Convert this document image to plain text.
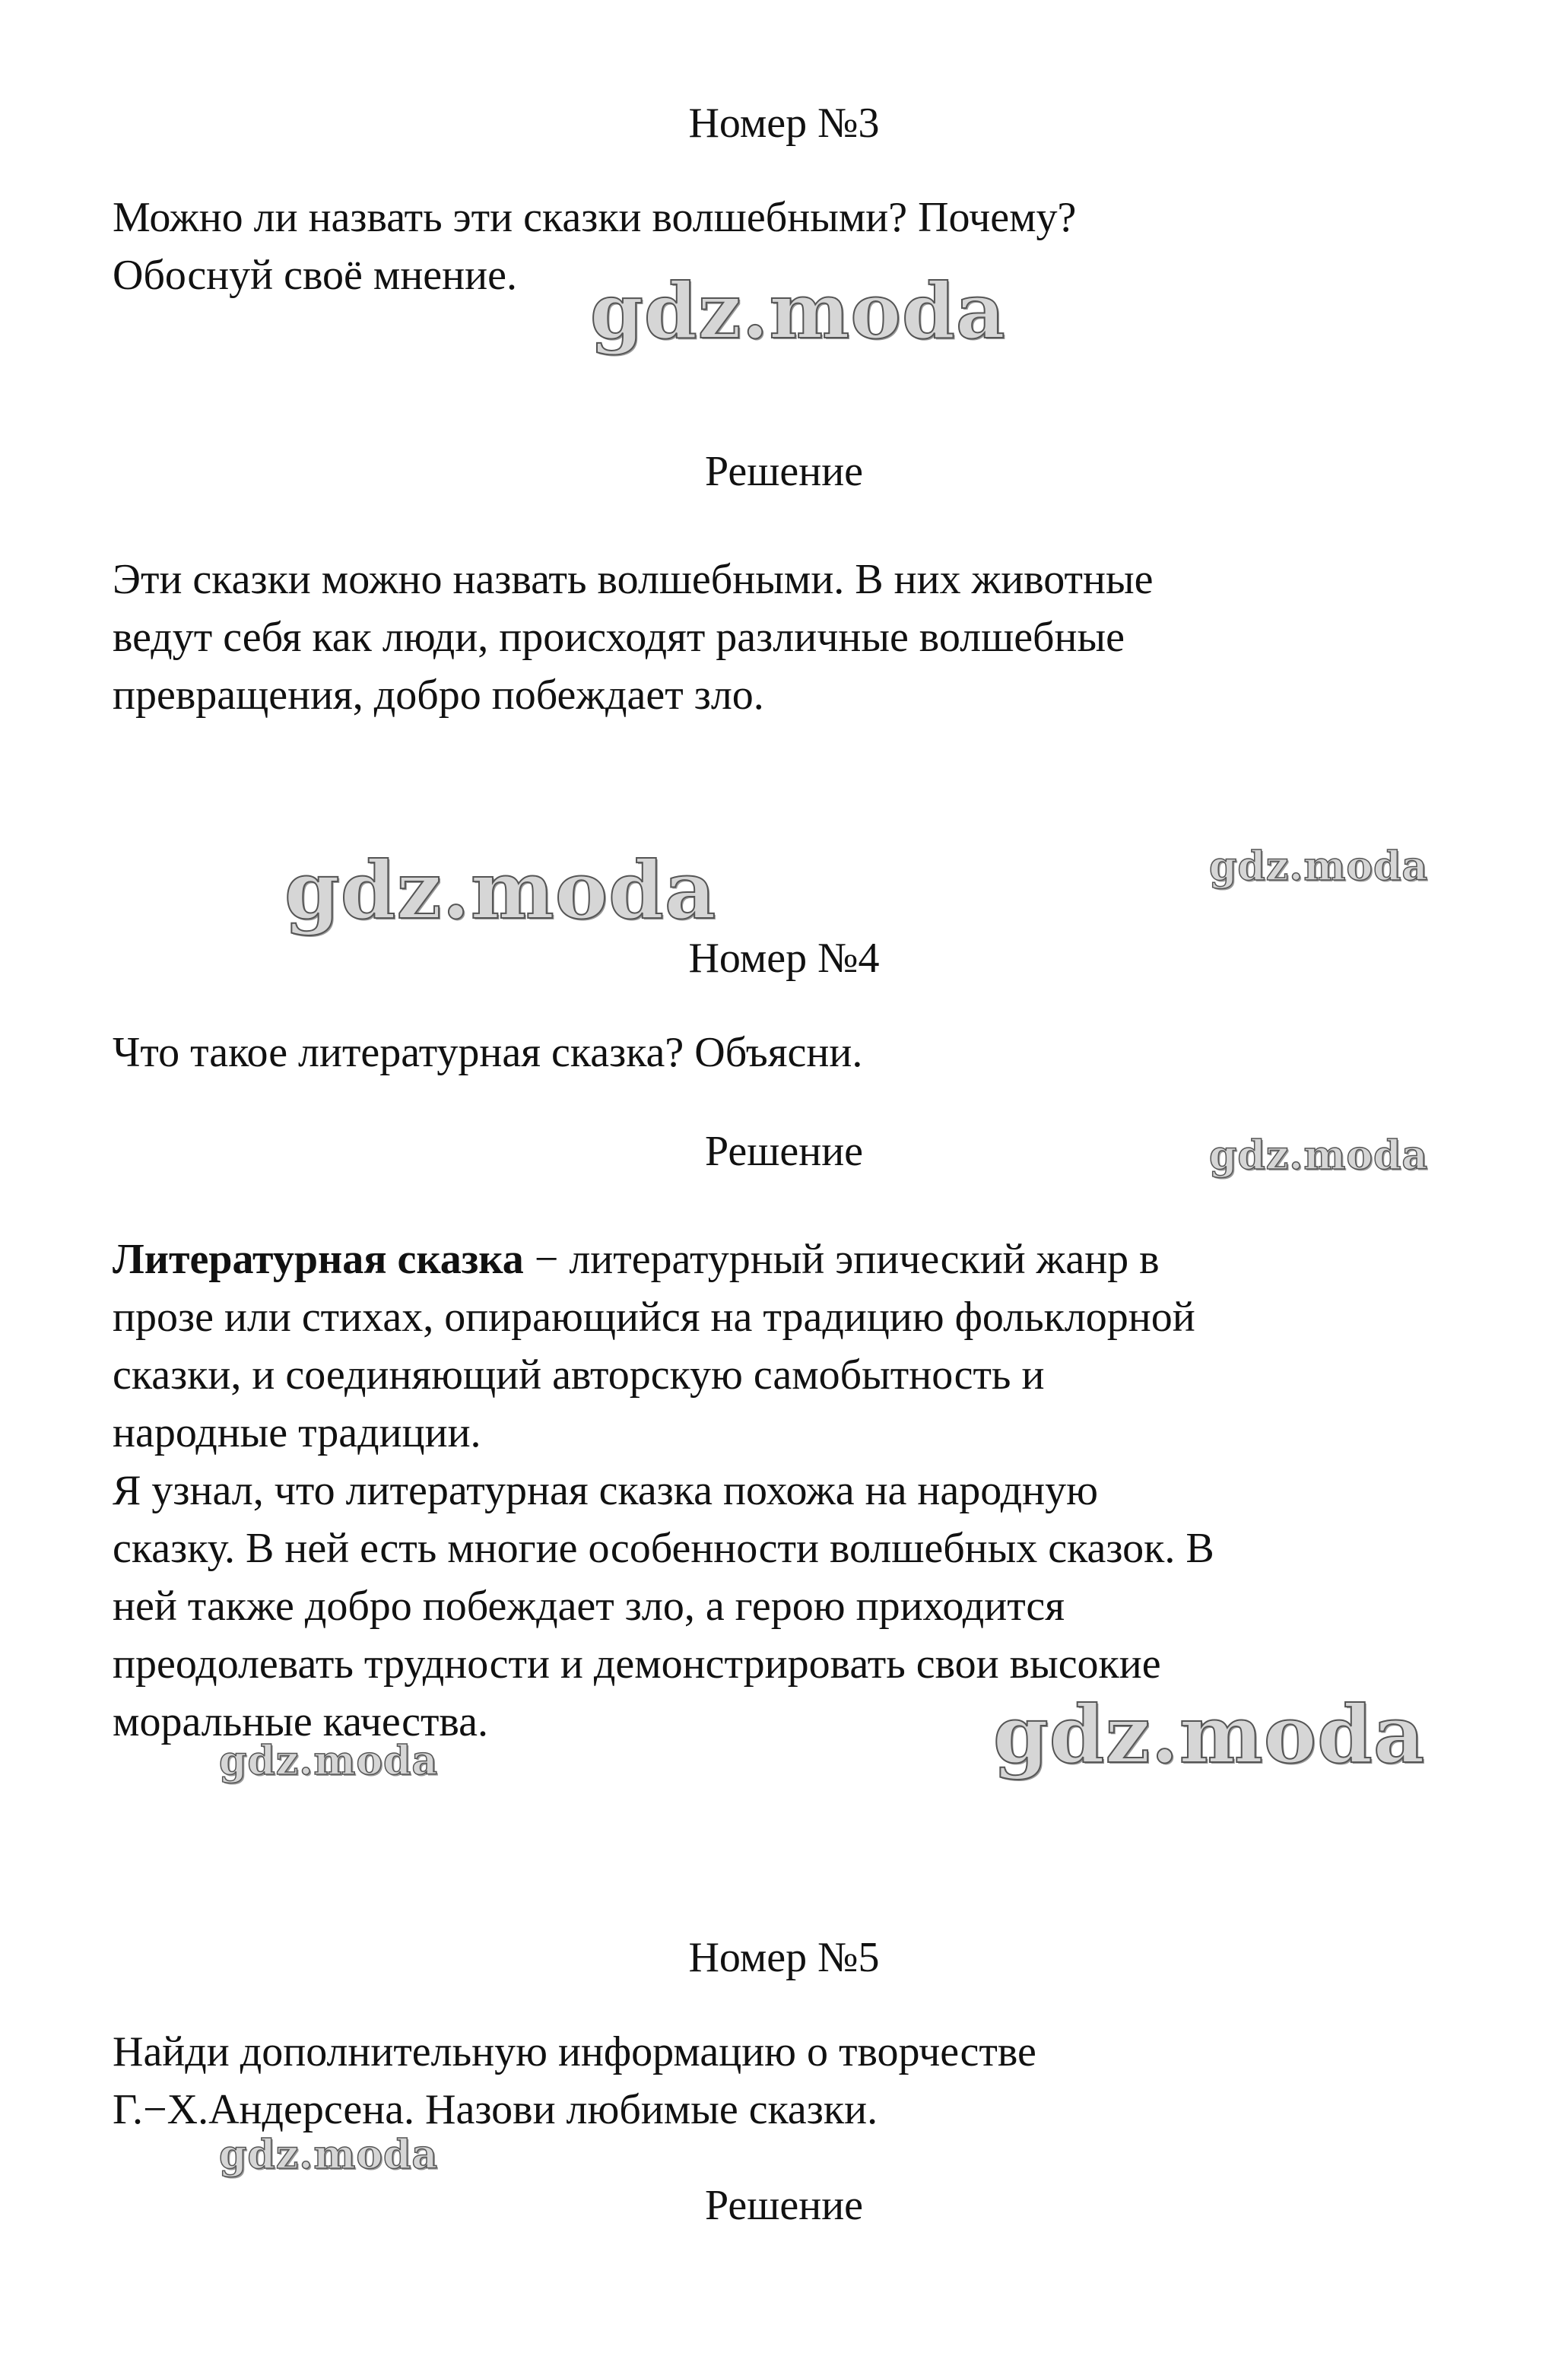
Номер №3
Можно ли назвать эти сказки волшебными? Почему?
Обоснуй своё мнение.
Решение
Эти сказки можно назвать волшебными. В них животные
ведут себя как люди, происходят различные волшебные
превращения, добро побеждает зло.
Номер №4
Что такое литературная сказка? Объясни.
Решение
Литературная сказка − литературный эпический жанр в
прозе или стихах, опирающийся на традицию фольклорной
сказки, и соединяющий авторскую самобытность и
народные традиции.
Я узнал, что литературная сказка похожа на народную
сказку. В ней есть многие особенности волшебных сказок. В
ней также добро побеждает зло, а герою приходится
преодолевать трудности и демонстрировать свои высокие
моральные качества.
Номер №5
Найди дополнительную информацию о творчестве
Г.−Х.Андерсена. Назови любимые сказки.
Решение
gdz.moda
gdz.moda	gdz.moda
gdz.moda
gdz.moda
gdz.moda
gdz.moda
